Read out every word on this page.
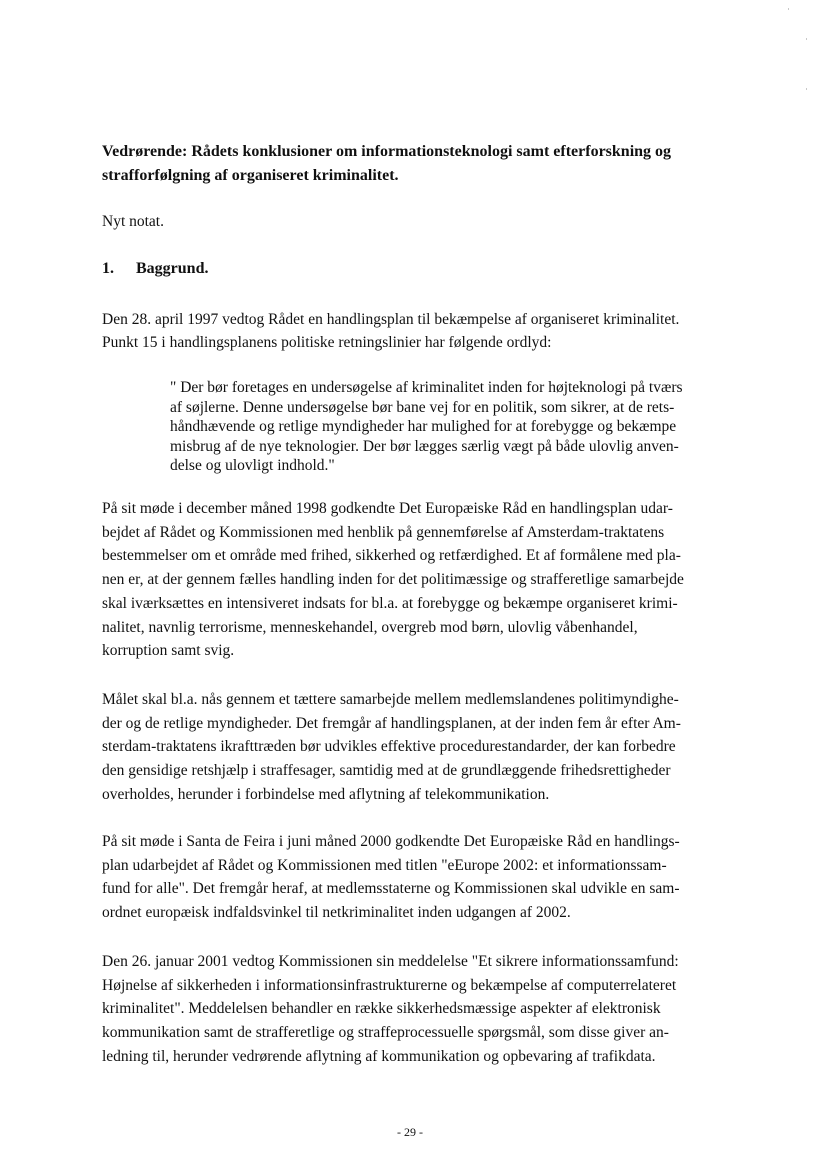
Vedrørende: Rådets konklusioner om informationsteknologi samt efterforskning og
strafforfølgning af organiseret kriminalitet.

Nyt notat.

1. Baggrund.

Den 28. april 1997 vedtog Rådet en handlingsplan til bekæmpelse af organiseret kriminalitet.
Punkt 15 i handlingsplanens politiske retningslinier har følgende ordlyd:

" Der bør foretages en undersøgelse af kriminalitet inden for højteknologi på tværs
af søjlerne. Denne undersøgelse bør bane vej for en politik, som sikrer, at de rets-
håndhævende og retlige myndigheder har mulighed for at forebygge og bekæmpe
misbrug af de nye teknologier. Der bør lægges særlig vægt på både ulovlig anven-
delse og ulovligt indhold."

På sit møde i december måned 1998 godkendte Det Europæiske Råd en handlingsplan udar-
bejdet af Rådet og Kommissionen med henblik på gennemførelse af Amsterdam-traktatens
bestemmelser om et område med frihed, sikkerhed og retfærdighed. Et af formålene med pla-
nen er, at der gennem fælles handling inden for det politimæssige og strafferetlige samarbejde
skal iværksættes en intensiveret indsats for bl.a. at forebygge og bekæmpe organiseret krimi-
nalitet, navnlig terrorisme, menneskehandel, overgreb mod børn, ulovlig våbenhandel,
korruption samt svig.

Målet skal bl.a. nås gennem et tættere samarbejde mellem medlemslandenes politimyndighe-
der og de retlige myndigheder. Det fremgår af handlingsplanen, at der inden fem år efter Am-
sterdam-traktatens ikrafttræden bør udvikles effektive procedurestandarder, der kan forbedre
den gensidige retshjælp i straffesager, samtidig med at de grundlæggende frihedsrettigheder
overholdes, herunder i forbindelse med aflytning af telekommunikation.

På sit møde i Santa de Feira i juni måned 2000 godkendte Det Europæiske Råd en handlings-
plan udarbejdet af Rådet og Kommissionen med titlen "eEurope 2002: et informationssam-
fund for alle". Det fremgår heraf, at medlemsstaterne og Kommissionen skal udvikle en sam-
ordnet europæisk indfaldsvinkel til netkriminalitet inden udgangen af 2002.

Den 26. januar 2001 vedtog Kommissionen sin meddelelse "Et sikrere informationssamfund:
Højnelse af sikkerheden i informationsinfrastrukturerne og bekæmpelse af computerrelateret
kriminalitet". Meddelelsen behandler en række sikkerhedsmæssige aspekter af elektronisk
kommunikation samt de strafferetlige og straffeprocessuelle spørgsmål, som disse giver an-
ledning til, herunder vedrørende aflytning af kommunikation og opbevaring af trafikdata.

- 29 -
